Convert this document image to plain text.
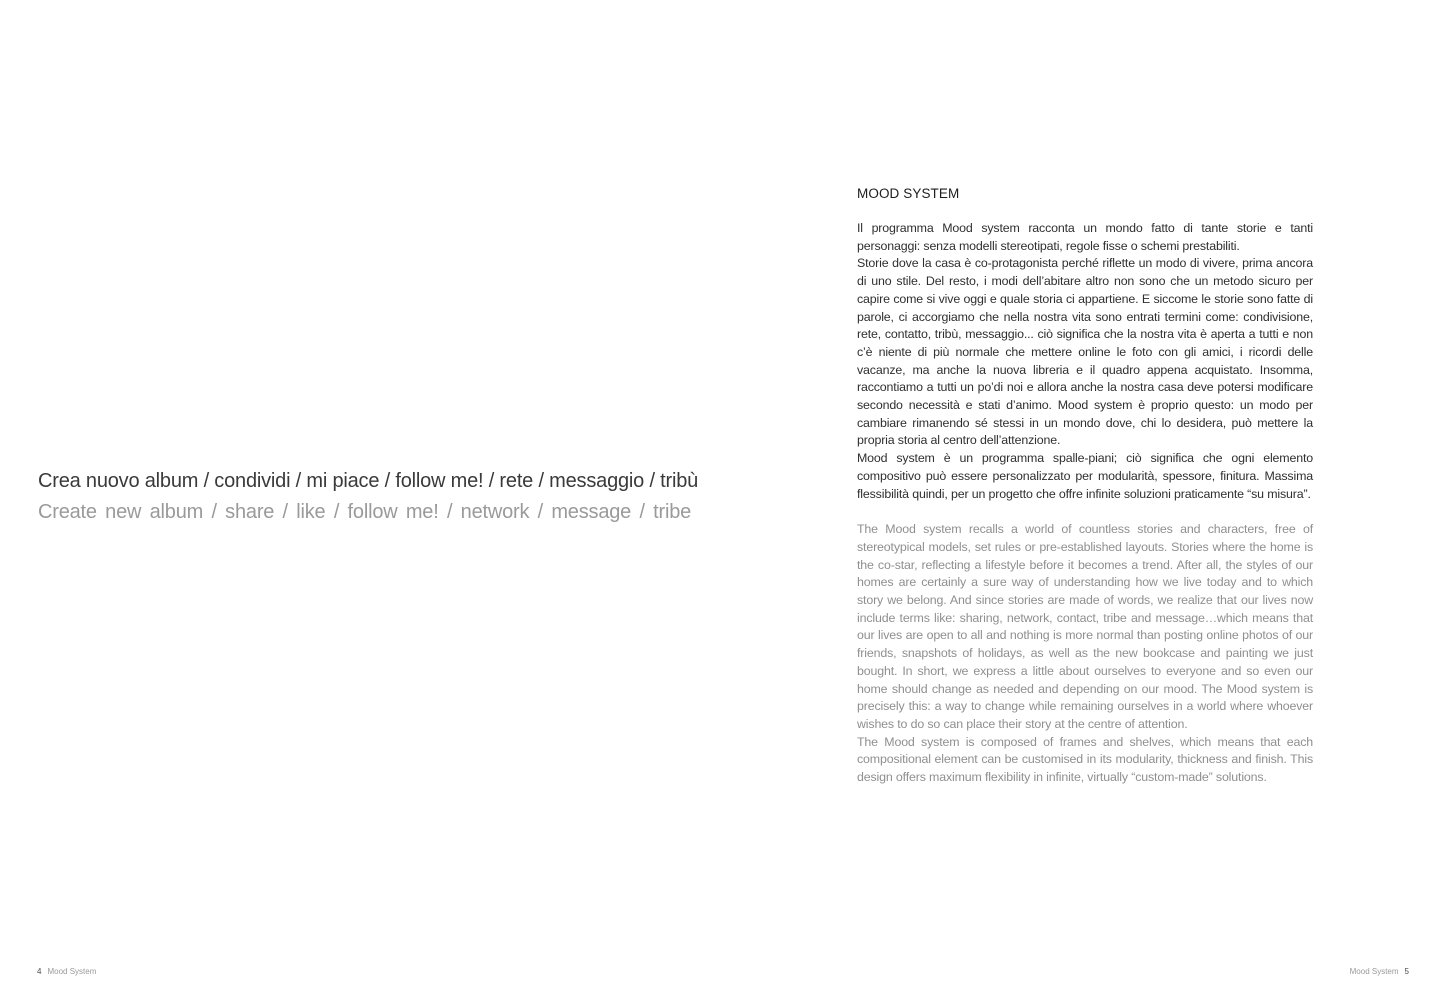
Crea nuovo album / condividi / mi piace / follow me! / rete / messaggio / tribù
Create new album / share / like / follow me! / network / message / tribe
MOOD SYSTEM

Il programma Mood system racconta un mondo fatto di tante storie e tanti personaggi: senza modelli stereotipati, regole fisse o schemi prestabiliti.

Storie dove la casa è co-protagonista perché riflette un modo di vivere, prima ancora di uno stile. Del resto, i modi dell’abitare altro non sono che un metodo sicuro per capire come si vive oggi e quale storia ci appartiene. E siccome le storie sono fatte di parole, ci accorgiamo che nella nostra vita sono entrati termini come: condivisione, rete, contatto, tribù, messaggio... ciò significa che la nostra vita è aperta a tutti e non c’è niente di più normale che mettere online le foto con gli amici, i ricordi delle vacanze, ma anche la nuova libreria e il quadro appena acquistato. Insomma, raccontiamo a tutti un po’di noi e allora anche la nostra casa deve potersi modificare secondo necessità e stati d’animo. Mood system è proprio questo: un modo per cambiare rimanendo sé stessi in un mondo dove, chi lo desidera, può mettere la propria storia al centro dell’attenzione.

Mood system è un programma spalle-piani; ciò significa che ogni elemento compositivo può essere personalizzato per modularità, spessore, finitura. Massima flessibilità quindi, per un progetto che offre infinite soluzioni praticamente “su misura”.

The Mood system recalls a world of countless stories and characters, free of stereotypical models, set rules or pre-established layouts. Stories where the home is the co-star, reflecting a lifestyle before it becomes a trend. After all, the styles of our homes are certainly a sure way of understanding how we live today and to which story we belong. And since stories are made of words, we realize that our lives now include terms like: sharing, network, contact, tribe and message…which means that our lives are open to all and nothing is more normal than posting online photos of our friends, snapshots of holidays, as well as the new bookcase and painting we just bought. In short, we express a little about ourselves to everyone and so even our home should change as needed and depending on our mood. The Mood system is precisely this: a way to change while remaining ourselves in a world where whoever wishes to do so can place their story at the centre of attention.

The Mood system is composed of frames and shelves, which means that each compositional element can be customised in its modularity, thickness and finish. This design offers maximum flexibility in infinite, virtually “custom-made” solutions.

4 Mood System	Mood System 5
